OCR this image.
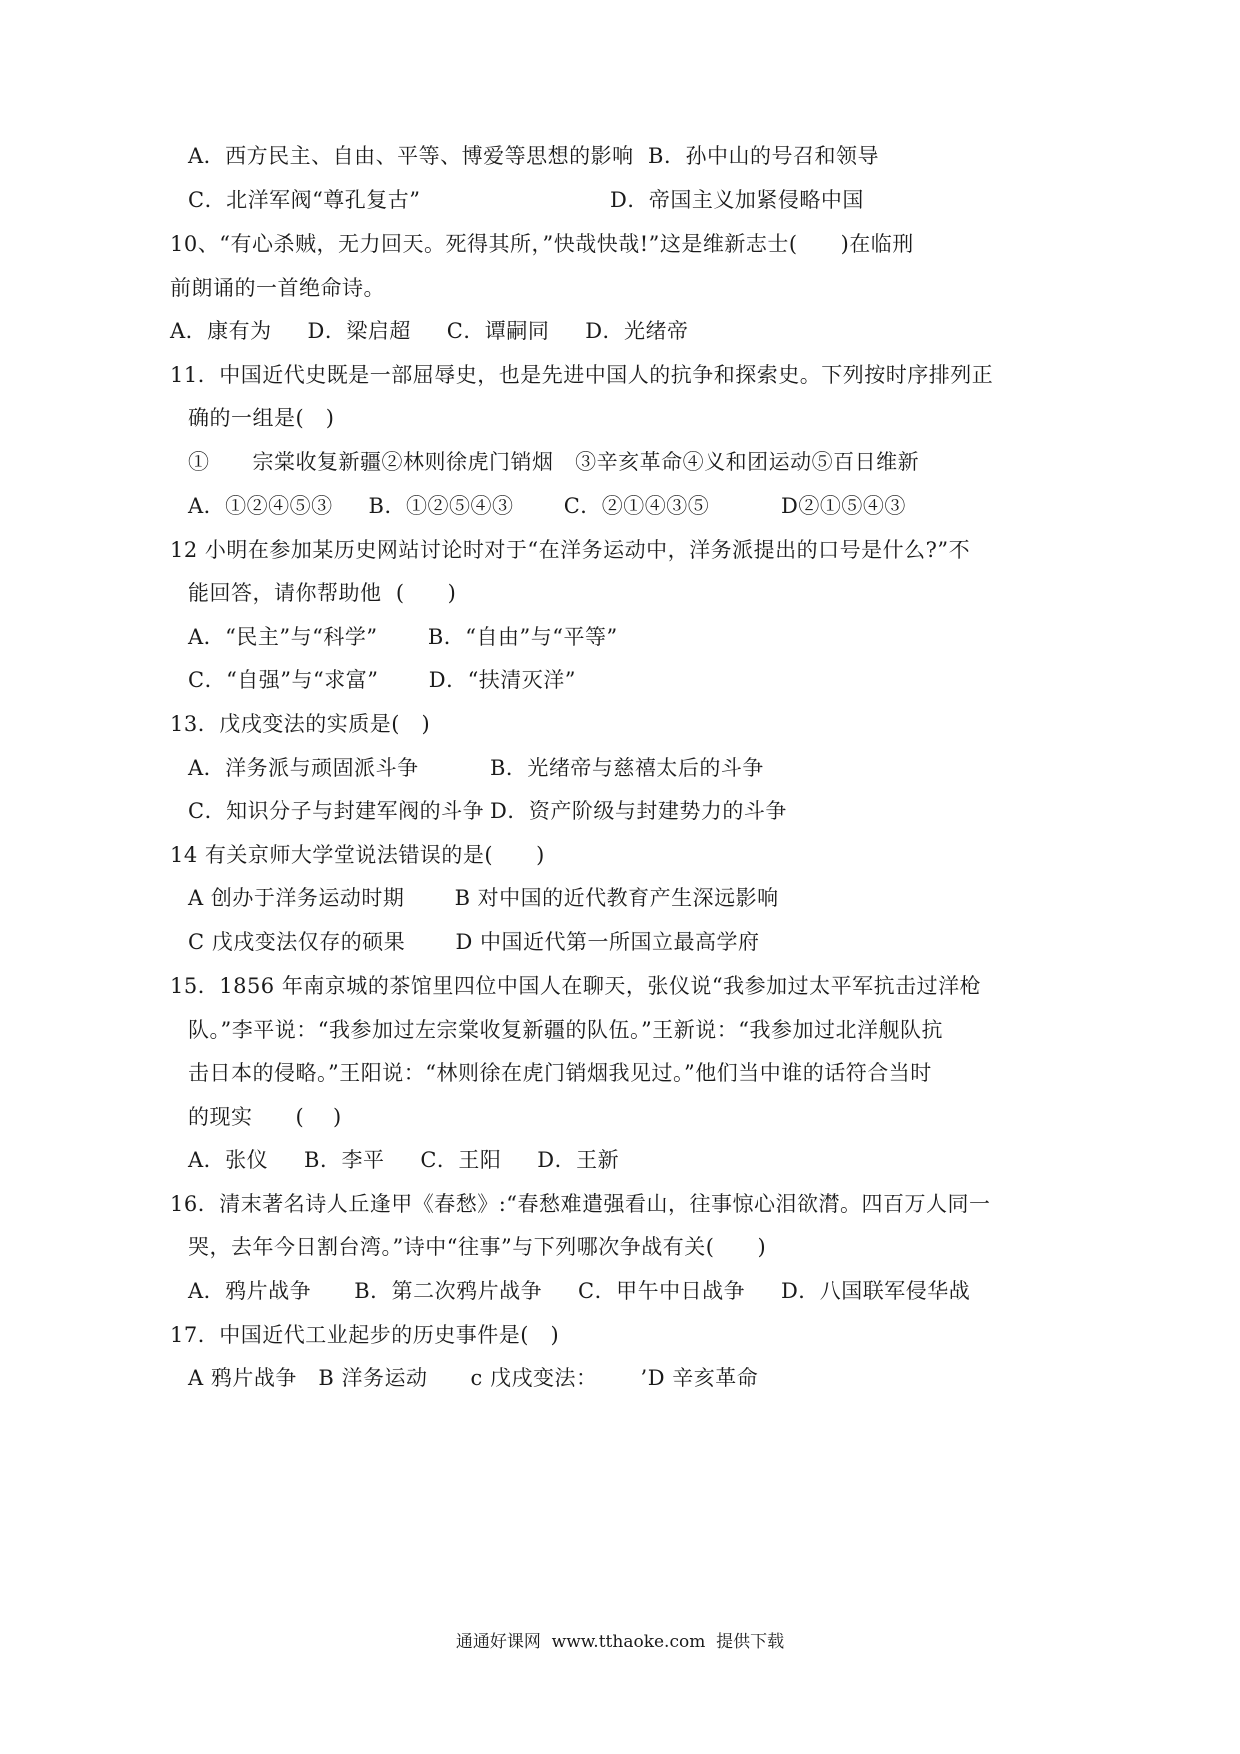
A．西方民主、自由、平等、博爱等思想的影响  B．孙中山的号召和领导
C．北洋军阀“尊孔复古”	D．帝国主义加紧侵略中国
10、“有心杀贼，无力回天。死得其所，”快哉快哉!”这是维新志士(      )在临刑
前朗诵的一首绝命诗。
A．康有为     D．梁启超     C．谭嗣同     D．光绪帝
11．中国近代史既是一部屈辱史，也是先进中国人的抗争和探索史。下列按时序排列正
确的一组是(   )
①      宗棠收复新疆②林则徐虎门销烟   ③辛亥革命④义和团运动⑤百日维新
A．①②④⑤③     B．①②⑤④③       C．②①④③⑤          D②①⑤④③
12 小明在参加某历史网站讨论时对于“在洋务运动中，洋务派提出的口号是什么?”不
能回答，请你帮助他  (      )
A．“民主”与“科学”       B．“自由”与“平等”
C．“自强”与“求富”       D．“扶清灭洋”
13．戊戌变法的实质是(   )
A．洋务派与顽固派斗争	B．光绪帝与慈禧太后的斗争
C．知识分子与封建军阀的斗争 D．资产阶级与封建势力的斗争
14 有关京师大学堂说法错误的是(      )
A 创办于洋务运动时期       B 对中国的近代教育产生深远影响
C 戊戌变法仅存的硕果       D 中国近代第一所国立最高学府
15．1856 年南京城的茶馆里四位中国人在聊天，张仪说“我参加过太平军抗击过洋枪
队。”李平说：“我参加过左宗棠收复新疆的队伍。”王新说：“我参加过北洋舰队抗
击日本的侵略。”王阳说：“林则徐在虎门销烟我见过。”他们当中谁的话符合当时
的现实      (    )
A．张仪     B．李平     C．王阳     D．王新
16．清末著名诗人丘逢甲《春愁》:“春愁难遣强看山，往事惊心泪欲潸。四百万人同一
哭，去年今日割台湾。”诗中“往事”与下列哪次争战有关(      )
A．鸦片战争      B．第二次鸦片战争     C．甲午中日战争     D．八国联军侵华战
17．中国近代工业起步的历史事件是(   )
A 鸦片战争   B 洋务运动      c 戊戌变法：      ’D 辛亥革命
通通好课网  www.tthaoke.com  提供下载
